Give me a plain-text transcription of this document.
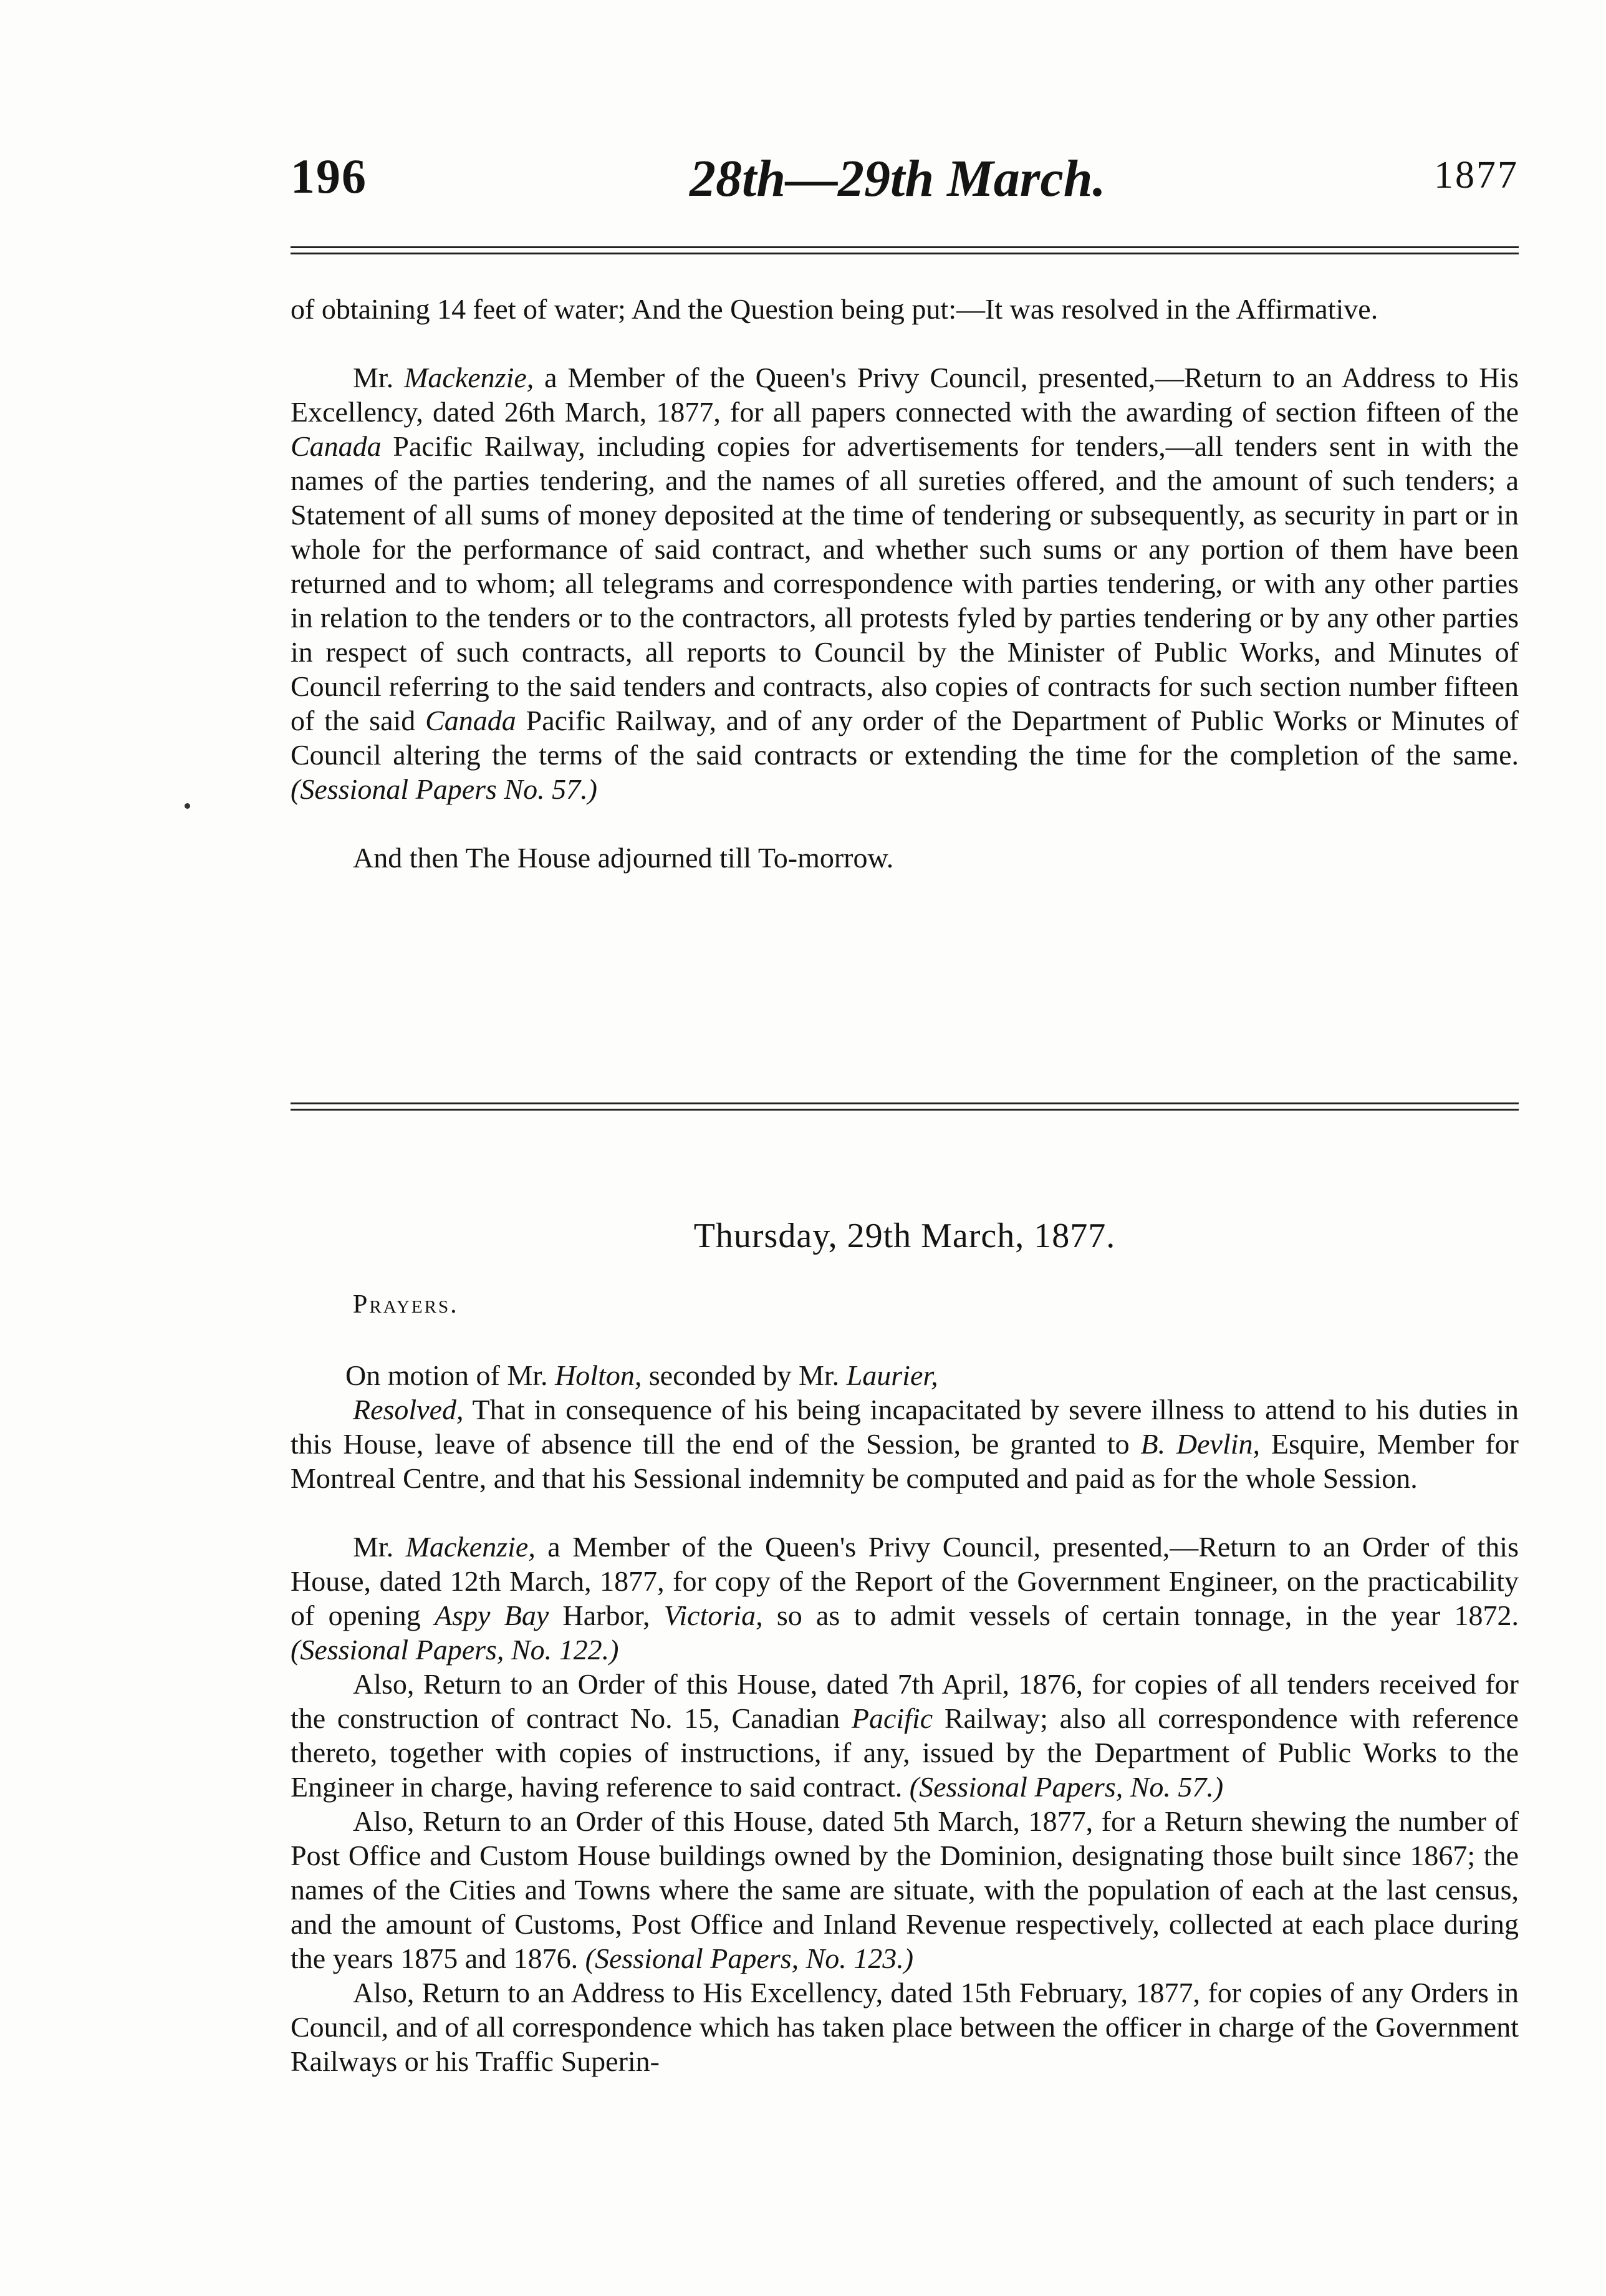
196	28th—29th March.	1877

of obtaining 14 feet of water; And the Question being put:—It was resolved in the Affirmative.

Mr. Mackenzie, a Member of the Queen's Privy Council, presented,—Return to an Address to His Excellency, dated 26th March, 1877, for all papers connected with the awarding of section fifteen of the Canada Pacific Railway, including copies for advertisements for tenders,—all tenders sent in with the names of the parties tendering, and the names of all sureties offered, and the amount of such tenders; a Statement of all sums of money deposited at the time of tendering or subsequently, as security in part or in whole for the performance of said contract, and whether such sums or any portion of them have been returned and to whom; all telegrams and correspondence with parties tendering, or with any other parties in relation to the tenders or to the contractors, all protests fyled by parties tendering or by any other parties in respect of such contracts, all reports to Council by the Minister of Public Works, and Minutes of Council referring to the said tenders and contracts, also copies of contracts for such section number fifteen of the said Canada Pacific Railway, and of any order of the Department of Public Works or Minutes of Council altering the terms of the said contracts or extending the time for the completion of the same. (Sessional Papers No. 57.)

And then The House adjourned till To-morrow.

Thursday, 29th March, 1877.
Prayers.

On motion of Mr. Holton, seconded by Mr. Laurier,

Resolved, That in consequence of his being incapacitated by severe illness to attend to his duties in this House, leave of absence till the end of the Session, be granted to B. Devlin, Esquire, Member for Montreal Centre, and that his Sessional indemnity be computed and paid as for the whole Session.

Mr. Mackenzie, a Member of the Queen's Privy Council, presented,—Return to an Order of this House, dated 12th March, 1877, for copy of the Report of the Government Engineer, on the practicability of opening Aspy Bay Harbor, Victoria, so as to admit vessels of certain tonnage, in the year 1872. (Sessional Papers, No. 122.)

Also, Return to an Order of this House, dated 7th April, 1876, for copies of all tenders received for the construction of contract No. 15, Canadian Pacific Railway; also all correspondence with reference thereto, together with copies of instructions, if any, issued by the Department of Public Works to the Engineer in charge, having reference to said contract. (Sessional Papers, No. 57.)

Also, Return to an Order of this House, dated 5th March, 1877, for a Return shewing the number of Post Office and Custom House buildings owned by the Dominion, designating those built since 1867; the names of the Cities and Towns where the same are situate, with the population of each at the last census, and the amount of Customs, Post Office and Inland Revenue respectively, collected at each place during the years 1875 and 1876. (Sessional Papers, No. 123.)

Also, Return to an Address to His Excellency, dated 15th February, 1877, for copies of any Orders in Council, and of all correspondence which has taken place between the officer in charge of the Government Railways or his Traffic Superin-
